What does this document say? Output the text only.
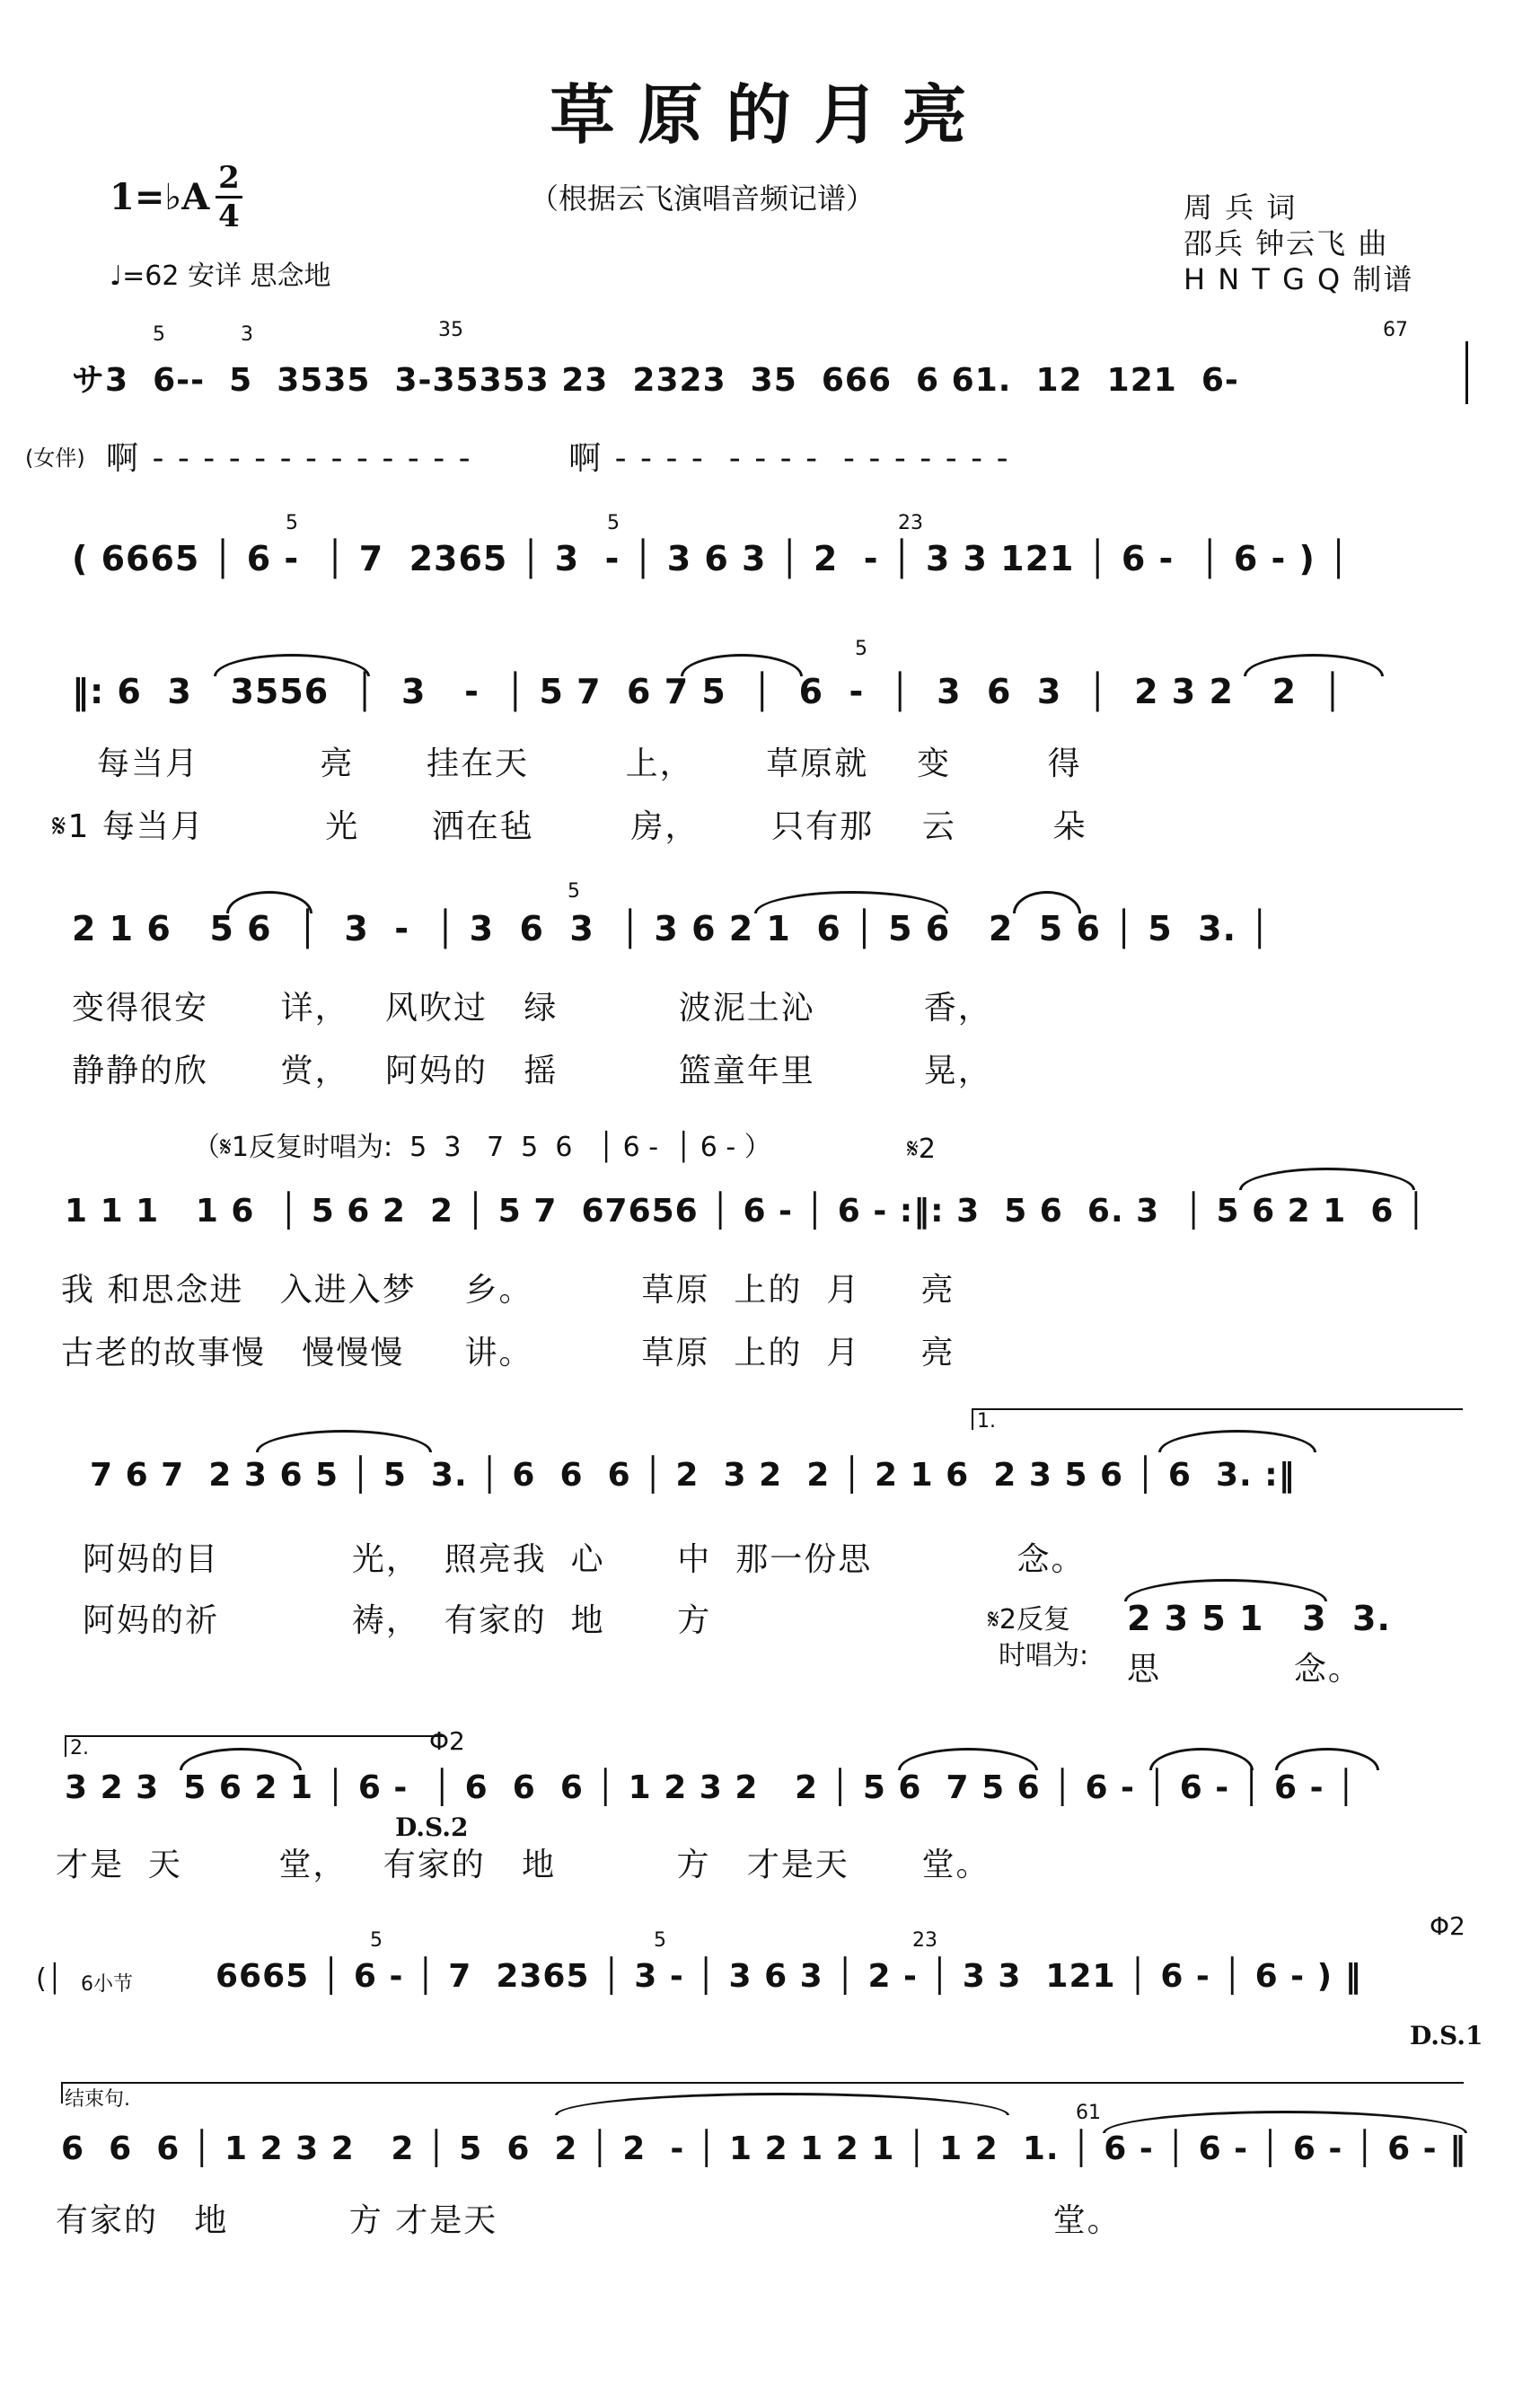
草原的月亮
1=♭A 2
4	（根据云飞演唱音频记谱）
♩=62 安详 思念地
周 兵 词
邵兵 钟云飞 曲
H N T G Q 制谱
サ3  6--  5  3535  3-35353 23  2323  35  666  6 61.  12  121  6-
5	3	35	67
(女伴) 啊 - - - - - - - - - - - - -        啊 - - - -  - - - -  - - - - - - -
( 6665 │ 6 -  │ 7  2365 │ 3  - │ 3 6 3 │ 2  - │ 3 3 121 │ 6 -  │ 6 - ) │
5	5	23
‖: 6  3   3556  │  3   -  │ 5 7  6 7 5  │  6  -  │  3  6  3  │  2 3 2   2  │
5
每当月          亮      挂在天        上，      草原就    变        得
𝄋1 每当月          光      洒在毡        房，      只有那    云        朵
2 1 6   5 6  │  3  -  │ 3  6  3  │ 3 6 2 1  6 │ 5 6   2  5 6 │ 5  3. │
5
变得很安      详，   风吹过   绿          波泥土沁         香，
静静的欣      赏，   阿妈的   摇          篮童年里         晃，
（𝄋1反复时唱为:  5  3   7  5  6   │ 6 -  │ 6 - ）	𝄋2
1 1 1   1 6  │ 5 6 2  2 │ 5 7  67656 │ 6 - │ 6 - :‖: 3  5 6  6. 3  │ 5 6 2 1  6 │
我 和思念进   入进入梦    乡。         草原  上的  月     亮
古老的故事慢   慢慢慢     讲。         草原  上的  月     亮
1.
7 6 7  2 3 6 5 │ 5  3. │ 6  6  6 │ 2  3 2  2 │ 2 1 6  2 3 5 6 │ 6  3. :‖
阿妈的目           光，  照亮我  心      中  那一份思            念。
阿妈的祈           祷，  有家的  地      方	𝄋2反复
时唱为:
2 3 5 1   3  3.
思           念。
2.	Φ2
3 2 3  5 6 2 1 │ 6 -  │ 6  6  6 │ 1 2 3 2   2 │ 5 6  7 5 6 │ 6 - │ 6 - │ 6 - │
D.S.2
才是  天        堂，   有家的   地          方   才是天      堂。
(│ 6小节	6665 │ 6 - │ 7  2365 │ 3 - │ 3 6 3 │ 2 - │ 3 3  121 │ 6 - │ 6 - ) ‖
5	5	23	Φ2
D.S.1
结束句.
6  6  6 │ 1 2 3 2   2 │ 5  6  2 │ 2  - │ 1 2 1 2 1 │ 1 2  1. │ 6 - │ 6 - │ 6 - │ 6 - ‖
61
有家的   地          方 才是天                                              堂。
